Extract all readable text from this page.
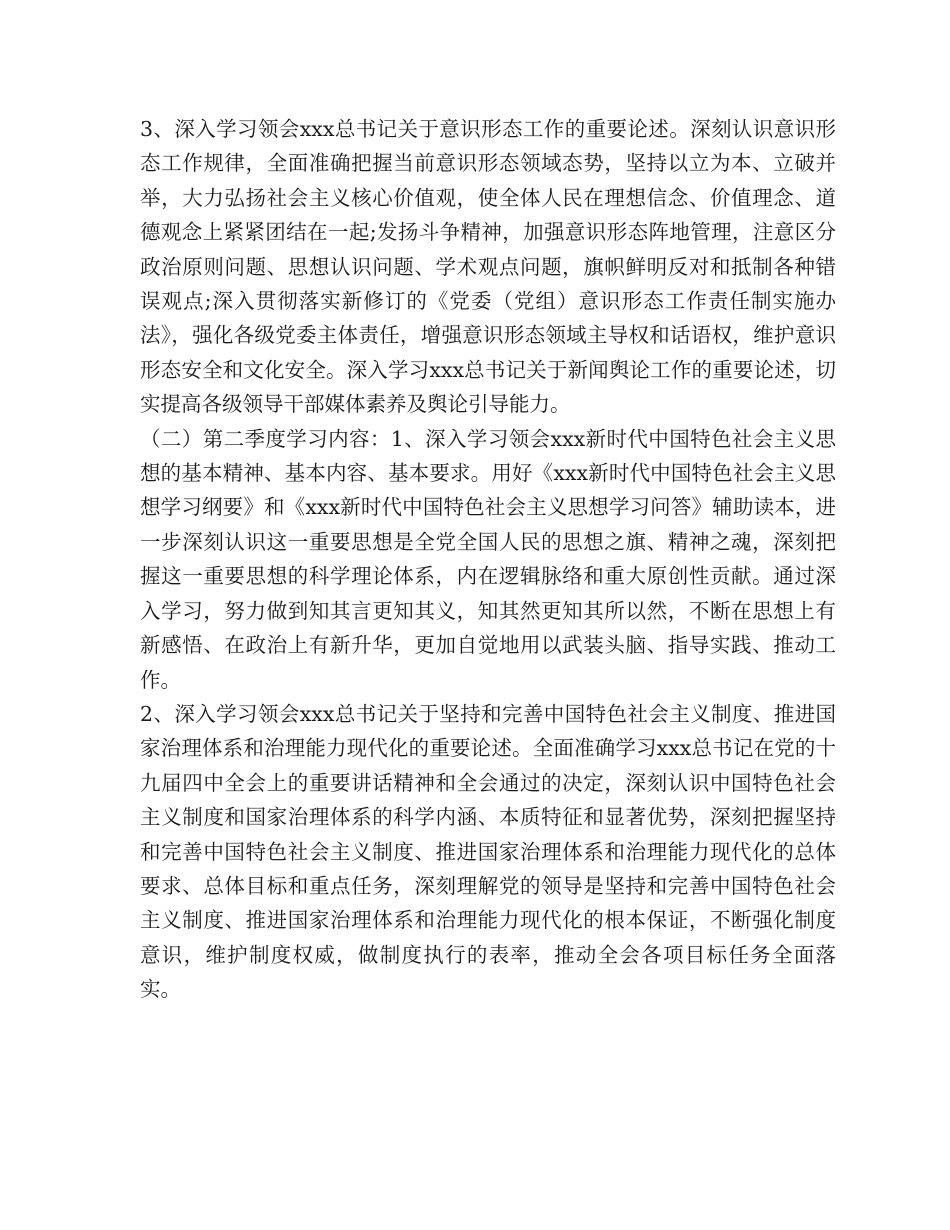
3、深入学习领会xxx总书记关于意识形态工作的重要论述。深刻认识意识形态工作规律，全面准确把握当前意识形态领域态势，坚持以立为本、立破并举，大力弘扬社会主义核心价值观，使全体人民在理想信念、价值理念、道德观念上紧紧团结在一起;发扬斗争精神，加强意识形态阵地管理，注意区分政治原则问题、思想认识问题、学术观点问题，旗帜鲜明反对和抵制各种错误观点;深入贯彻落实新修订的《党委（党组）意识形态工作责任制实施办法》，强化各级党委主体责任，增强意识形态领域主导权和话语权，维护意识形态安全和文化安全。深入学习xxx总书记关于新闻舆论工作的重要论述，切实提高各级领导干部媒体素养及舆论引导能力。

（二）第二季度学习内容：1、深入学习领会xxx新时代中国特色社会主义思想的基本精神、基本内容、基本要求。用好《xxx新时代中国特色社会主义思想学习纲要》和《xxx新时代中国特色社会主义思想学习问答》辅助读本，进一步深刻认识这一重要思想是全党全国人民的思想之旗、精神之魂，深刻把握这一重要思想的科学理论体系，内在逻辑脉络和重大原创性贡献。通过深入学习，努力做到知其言更知其义，知其然更知其所以然，不断在思想上有新感悟、在政治上有新升华，更加自觉地用以武装头脑、指导实践、推动工作。

2、深入学习领会xxx总书记关于坚持和完善中国特色社会主义制度、推进国家治理体系和治理能力现代化的重要论述。全面准确学习xxx总书记在党的十九届四中全会上的重要讲话精神和全会通过的决定，深刻认识中国特色社会主义制度和国家治理体系的科学内涵、本质特征和显著优势，深刻把握坚持和完善中国特色社会主义制度、推进国家治理体系和治理能力现代化的总体要求、总体目标和重点任务，深刻理解党的领导是坚持和完善中国特色社会主义制度、推进国家治理体系和治理能力现代化的根本保证，不断强化制度意识，维护制度权威，做制度执行的表率，推动全会各项目标任务全面落实。
